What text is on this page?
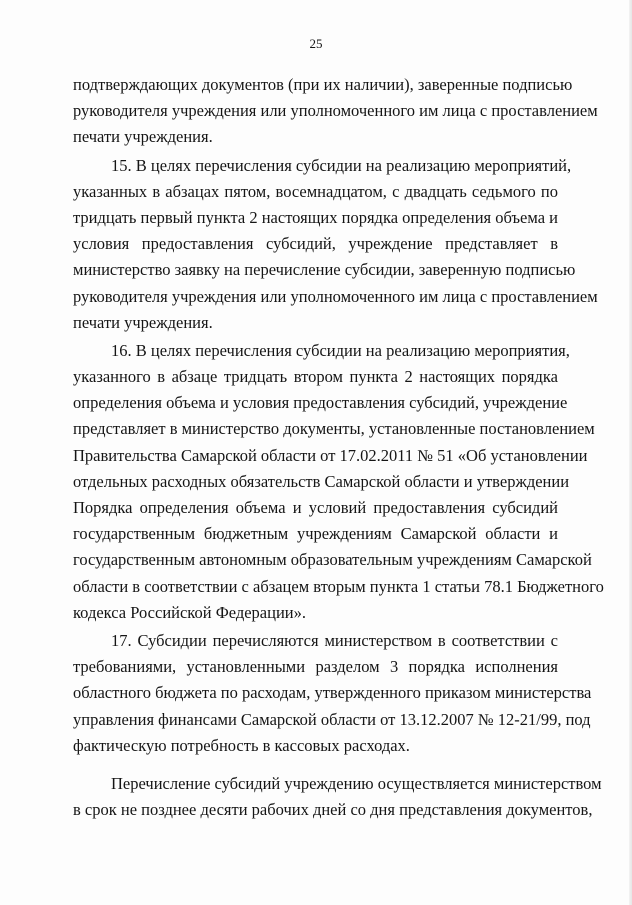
25
подтверждающих документов (при их наличии), заверенные подписью
руководителя учреждения или уполномоченного им лица с проставлением
печати учреждения.
15. В целях перечисления субсидии на реализацию мероприятий,
указанных в абзацах пятом, восемнадцатом, с двадцать седьмого по
тридцать первый пункта 2 настоящих порядка определения объема и
условия предоставления субсидий, учреждение представляет в
министерство заявку на перечисление субсидии, заверенную подписью
руководителя учреждения или уполномоченного им лица с проставлением
печати учреждения.
16. В целях перечисления субсидии на реализацию мероприятия,
указанного в абзаце тридцать втором пункта 2 настоящих порядка
определения объема и условия предоставления субсидий, учреждение
представляет в министерство документы, установленные постановлением
Правительства Самарской области от 17.02.2011 № 51 «Об установлении
отдельных расходных обязательств Самарской области и утверждении
Порядка определения объема и условий предоставления субсидий
государственным бюджетным учреждениям Самарской области и
государственным автономным образовательным учреждениям Самарской
области в соответствии с абзацем вторым пункта 1 статьи 78.1 Бюджетного
кодекса Российской Федерации».
17. Субсидии перечисляются министерством в соответствии с
требованиями, установленными разделом 3 порядка исполнения
областного бюджета по расходам, утвержденного приказом министерства
управления финансами Самарской области от 13.12.2007 № 12-21/99, под
фактическую потребность в кассовых расходах.
Перечисление субсидий учреждению осуществляется министерством
в срок не позднее десяти рабочих дней со дня представления документов,
